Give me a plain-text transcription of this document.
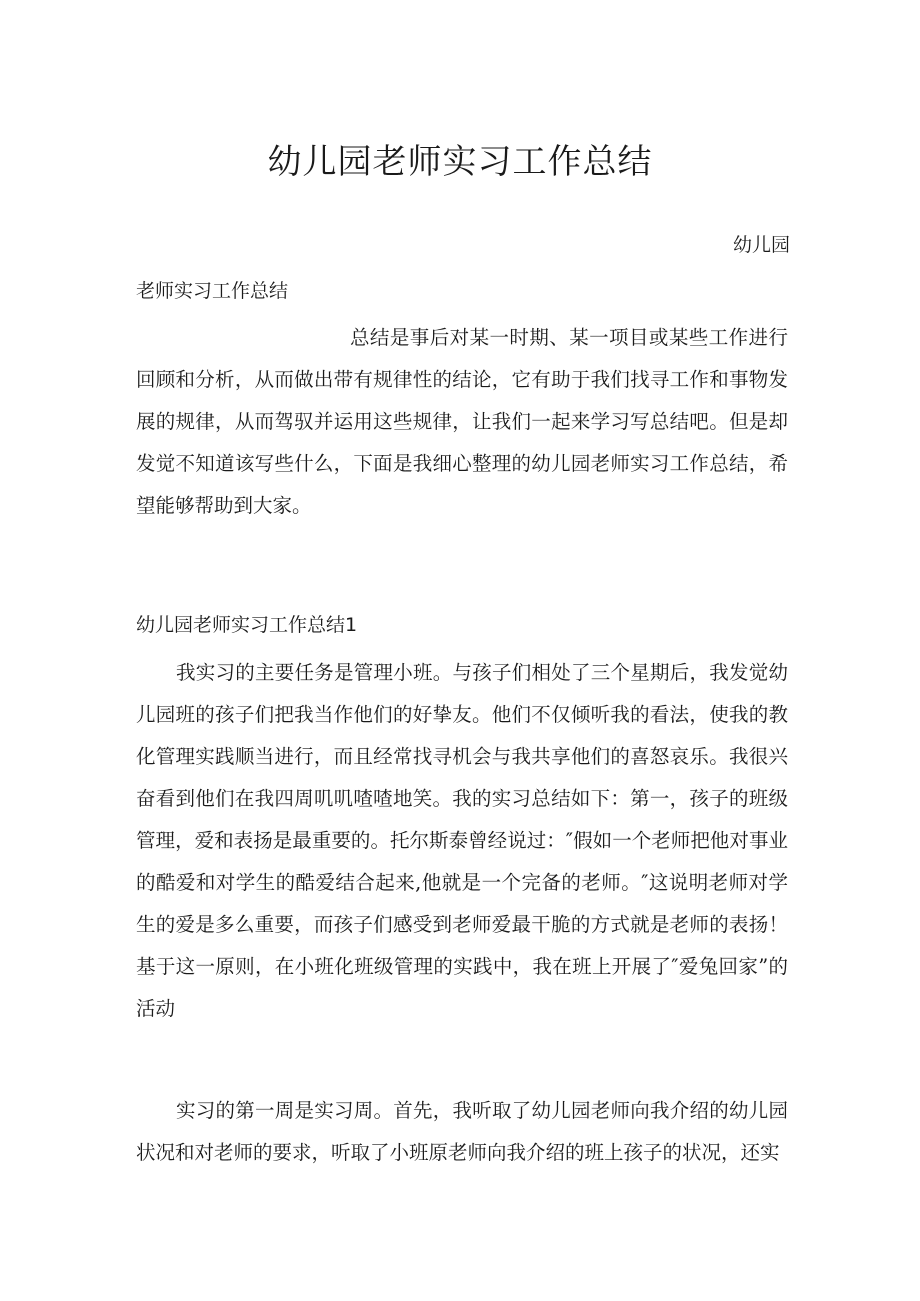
幼儿园老师实习工作总结
幼儿园
老师实习工作总结

总结是事后对某一时期、某一项目或某些工作进行回顾和分析，从而做出带有规律性的结论，它有助于我们找寻工作和事物发展的规律，从而驾驭并运用这些规律，让我们一起来学习写总结吧。但是却发觉不知道该写些什么，下面是我细心整理的幼儿园老师实习工作总结，希望能够帮助到大家。

幼儿园老师实习工作总结1

我实习的主要任务是管理小班。与孩子们相处了三个星期后，我发觉幼儿园班的孩子们把我当作他们的好挚友。他们不仅倾听我的看法，使我的教化管理实践顺当进行，而且经常找寻机会与我共享他们的喜怒哀乐。我很兴奋看到他们在我四周叽叽喳喳地笑。我的实习总结如下：第一，孩子的班级管理，爱和表扬是最重要的。托尔斯泰曾经说过：″假如一个老师把他对事业的酷爱和对学生的酷爱结合起来,他就是一个完备的老师。″这说明老师对学生的爱是多么重要，而孩子们感受到老师爱最干脆的方式就是老师的表扬！基于这一原则，在小班化班级管理的实践中，我在班上开展了″爱兔回家”的活动

实习的第一周是实习周。首先，我听取了幼儿园老师向我介绍的幼儿园状况和对老师的要求，听取了小班原老师向我介绍的班上孩子的状况，还实
